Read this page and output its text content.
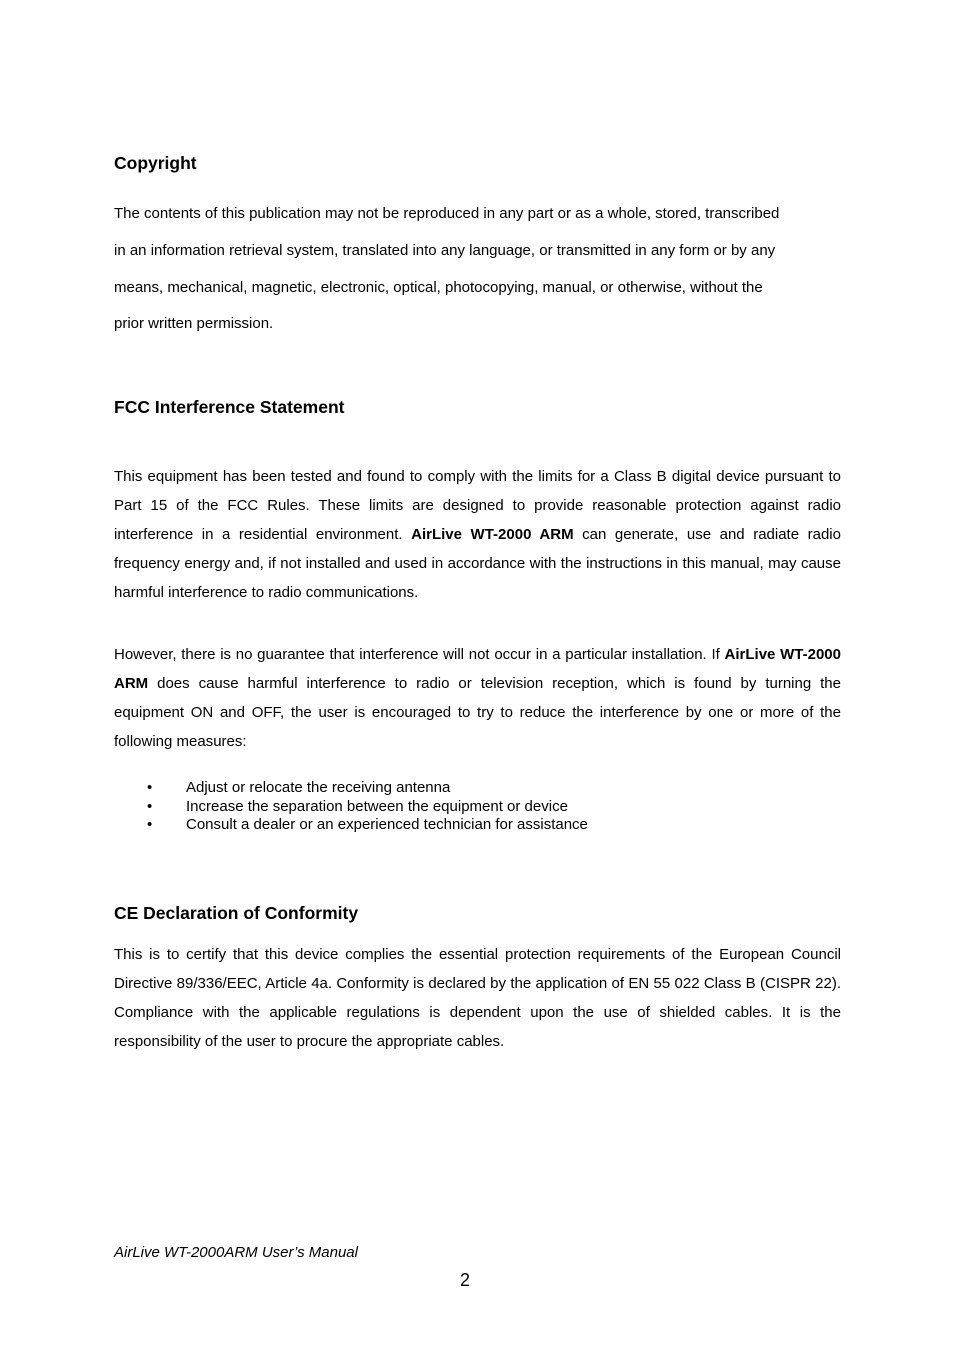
Copyright
The contents of this publication may not be reproduced in any part or as a whole, stored, transcribed
in an information retrieval system, translated into any language, or transmitted in any form or by any
means, mechanical, magnetic, electronic, optical, photocopying, manual, or otherwise, without the
prior written permission.
FCC Interference Statement

This equipment has been tested and found to comply with the limits for a Class B digital device pursuant to Part 15 of the FCC Rules. These limits are designed to provide reasonable protection against radio interference in a residential environment. AirLive WT-2000 ARM can generate, use and radiate radio frequency energy and, if not installed and used in accordance with the instructions in this manual, may cause harmful interference to radio communications.

However, there is no guarantee that interference will not occur in a particular installation. If AirLive WT-2000 ARM does cause harmful interference to radio or television reception, which is found by turning the equipment ON and OFF, the user is encouraged to try to reduce the interference by one or more of the following measures:

• Adjust or relocate the receiving antenna
• Increase the separation between the equipment or device
• Consult a dealer or an experienced technician for assistance
CE Declaration of Conformity

This is to certify that this device complies the essential protection requirements of the European Council Directive 89/336/EEC, Article 4a. Conformity is declared by the application of EN 55 022 Class B (CISPR 22). Compliance with the applicable regulations is dependent upon the use of shielded cables. It is the responsibility of the user to procure the appropriate cables.

AirLive WT-2000ARM User’s Manual
2
